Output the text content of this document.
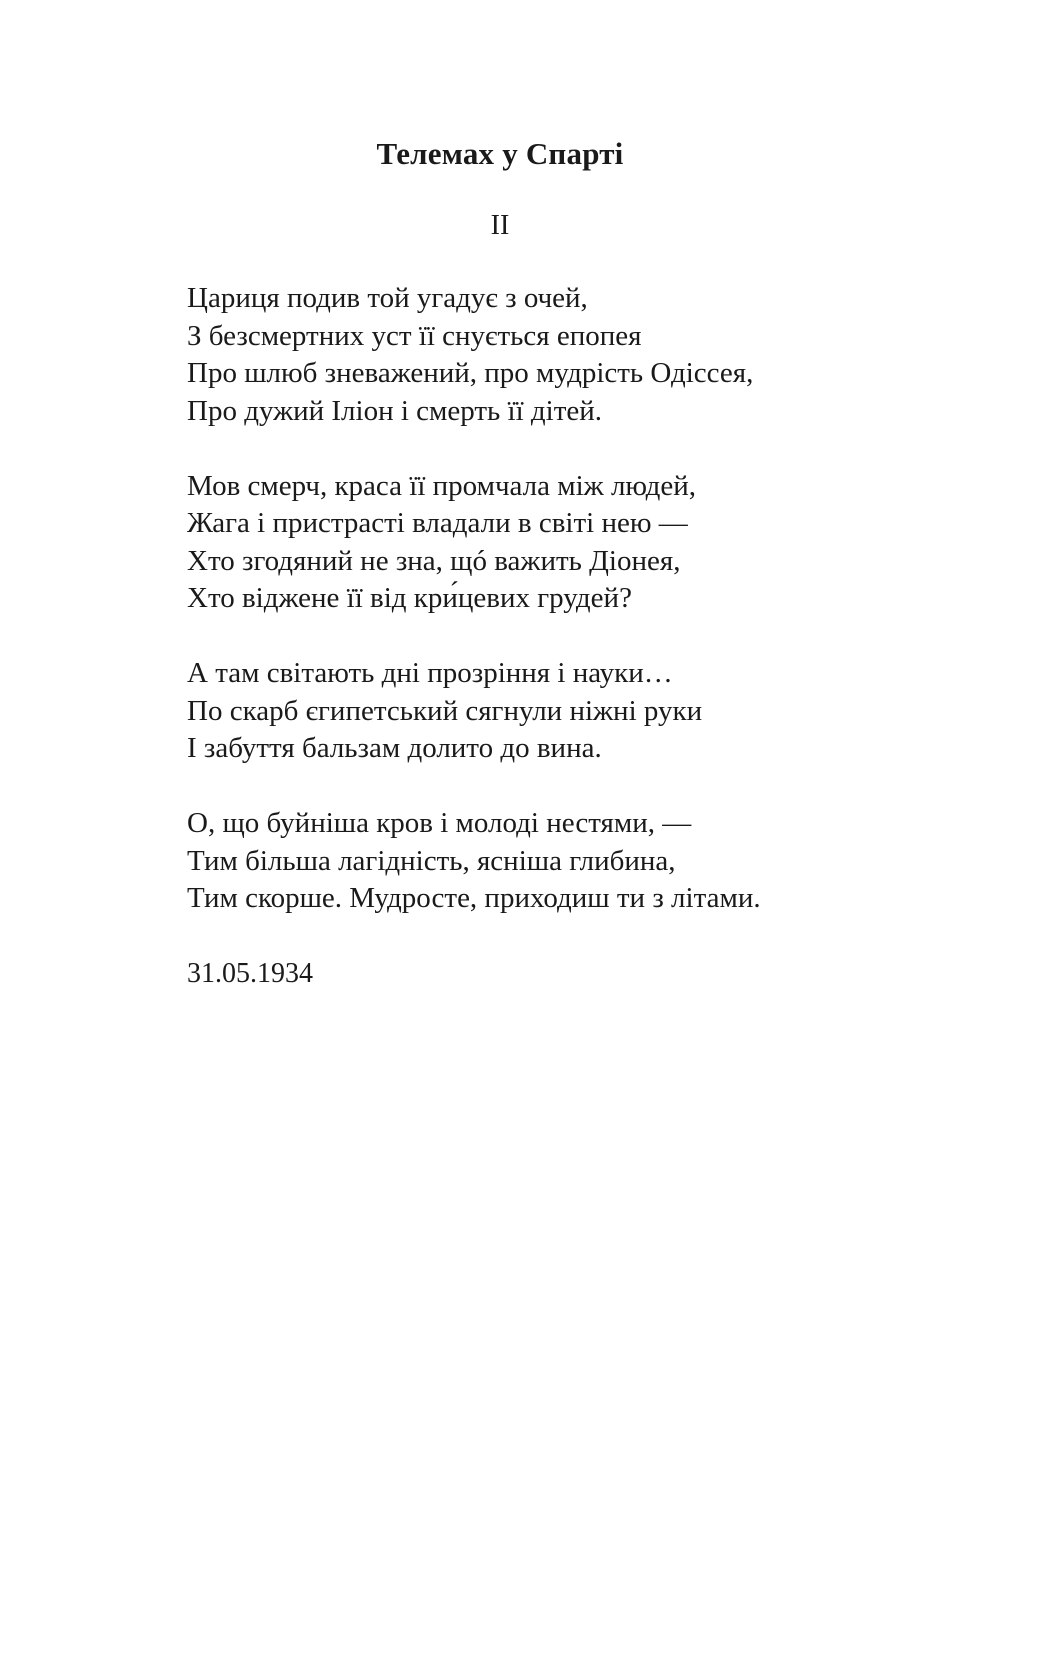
Телемах у Спарті
II
Цариця подив той угадує з очей,
З безсмертних уст її снується епопея
Про шлюб зневажений, про мудрість Одіссея,
Про дужий Іліон і смерть її дітей.
Мов смерч, краса її промчала між людей,
Жага і пристрасті владали в світі нею —
Хто згодяний не зна, щó важить Діонея,
Хто віджене її від кри́цевих грудей?
А там світають дні прозріння і науки…
По скарб єгипетський сягнули ніжні руки
І забуття бальзам долито до вина.
О, що буйніша кров і молоді нестями, —
Тим більша лагідність, ясніша глибина,
Тим скорше. Мудросте, приходиш ти з літами.
31.05.1934
